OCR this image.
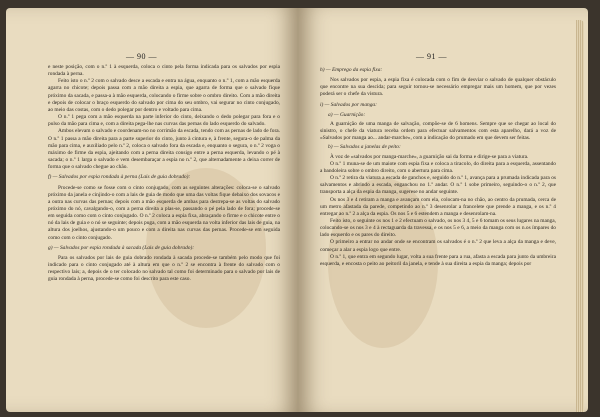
— 90 —

e neste posição, com o n.º 1 à esquerda, coloca o cinto pela forma indicada para os salvados por espia rondada à perna.

Feito isto o n.º 2 com o salvado desce a escada e entra na água, enquanto o n.º 1, com a mão esquerda agarra no chicote; depois passa com a mão direita a espia, que agarra de forma que o salvado fique próximo da sacada, e passa-a à mão esquerda, colocando o firme sobre o ombro direito. Com a mão direita e depois de colocar o braço esquerdo do salvado por cima do seu ombro, vai segurar no cinto conjugado, ao meio das costas, com o dedo polegar por dentro e voltado para cima.

O n.º 1 pega com a mão esquerda na parte inferior do cinto, deixando o dedo polegar para fora e o pulso da mão para cima e, com a direita pega-lhe nas curvas das pernas do lado esquerdo do salvado.

Ambos elevam o salvado e coordenam-no no corrimão da escada, tendo com as pernas de lado de fora. O n.º 1 passa a mão direita para a parte superior do cinto, junto à cintura e, à frente, segura-o de palma da mão para cima, e auxiliado pelo n.º 2, coloca o salvado fora da escada e, enquanto o segura, o n.º 2 voga o máximo de firme da espia, ajeitando com a perna direita consigo entre a perna esquerda, levando o pé à sacada; o n.º 1 larga o salvado e vem desembaraçar a espia no n.º 2, que alternadamente a deixa correr de forma que o salvado chegue ao chão.

f) — Salvados por espia rondada à perna (Lais de guia dobrado):

Procede-se como se fosse com o cinto conjugado, com as seguintes alterações: coloca-se o salvado próximo da janela e cinjindo-o com a lais de guia de modo que uma das voltas fique debaixo dos sovacos e a outra nas curvas das pernas; depois com a mão esquerda de ambas para destrepa-se as voltas do salvado próximo do nó, cavalgando-o, com a perna direita a plas-se, passando o pé pela lado de fora; procede-se em seguida como com o cinto conjugado. O n.º 2 coloca a espia fixa, abraçando o firme e o chicote entre o nó da lais de guia e o nó se seguinte; depois puga, com a mão esquerda na volta inferior das lais de guia, na altura dos joelhos, ajustando-o um pouco e com a direita nas curvas das pernas. Procede-se em seguida como com o cinto conjugado.

g) — Salvados por espia rondada à sacada (Lais de guia dobrado):

Para os salvados por lais de guia dobrado rondada à sacada procede-se também pelo modo que foi indicado para o cinto conjugado até à altura em que o n.º 2 se encontra à frente do salvado com o respectivo lais; a, depois de o ter colocado no salvado tal como foi determinado para o salvado por lais de guia rondada à perna, procede-se como foi descrito para este caso.

— 91 —

h) — Emprego da espia fixa:

Nos salvados por espia, a espia fixa é colocada com o fim de desviar o salvado de qualquer obstáculo que encontre na sua descida; para seguir tornou-se necessário empregar mais um homem, que por vezes poderá ser o chefe da vistura.

i) — Salvados por manga:

a) — Guarnição:

A guarnição de uma manga de salvação, compõe-se de 6 homens. Sempre que se chegar ao local do sinistro, o chefe da viatura receba ordem para efectuar salvamentos com esta aparelho, dará a voz de «Salvados por manga ao... andar-marche», com a indicação do prumado em que devem ser feitas.

b) — Salvados a janelas de peito:

À voz de «salvados por manga-marche», a guarnição sai da forma e dirige-se para a viatura.

O n.º 1 muna-se de um maiote com espia fixa e coloca a tiracolo, do direita para a esquerda, assentando a bandoleira sobre o ombro direito, com o abertura para cima.

O n.º 2 retira da viatura a escada de ganchos e, seguido do n.º 1, avança para a prumada indicada para os salvamentos e abrindo a escada, enganchou no 1.º andar. O n.º 1 sobe primeiro, seguindo-o o n.º 2, que transporta a alça da espia da manga, sugerese no andar seguinte.

Os nos 3 e 4 retiram a manga e avançam com ela, colocam-na no chão, ao centro da prumada, cerca de um metro afastada da parede, competindo ao n.º 3 desenrolar a francelete que prende a manga, e os n.º 4 entregar ao n.º 2 a alça da espia. Os nos 5 e 6 estendem a manga e desenrolam-na.

Feito isto, o seguinte os nos 1 e 2 efectuam o salvado, os nos 3 4, 5 e 6 tomam os seus lugares na manga, colocando-se os nos 3 e 4 à rectaguarda da travessa, e os nos 5 e 6, a meio da manga com os n.os ímpares do lado esquerdo e os pares do direito.

O primeiro a entrar no andar onde se encontram os salvados é o n.º 2 que leva a alça da manga e deve, começar a alar a espia logo que entre.

O n.º 1, que entra em segundo lugar, volta a sua frente para a rua, afasta a escada para junto da umbreira esquerda, e encosta o peito ao peitoril da janela, e tende à sua direita a espia da manga; depois por
